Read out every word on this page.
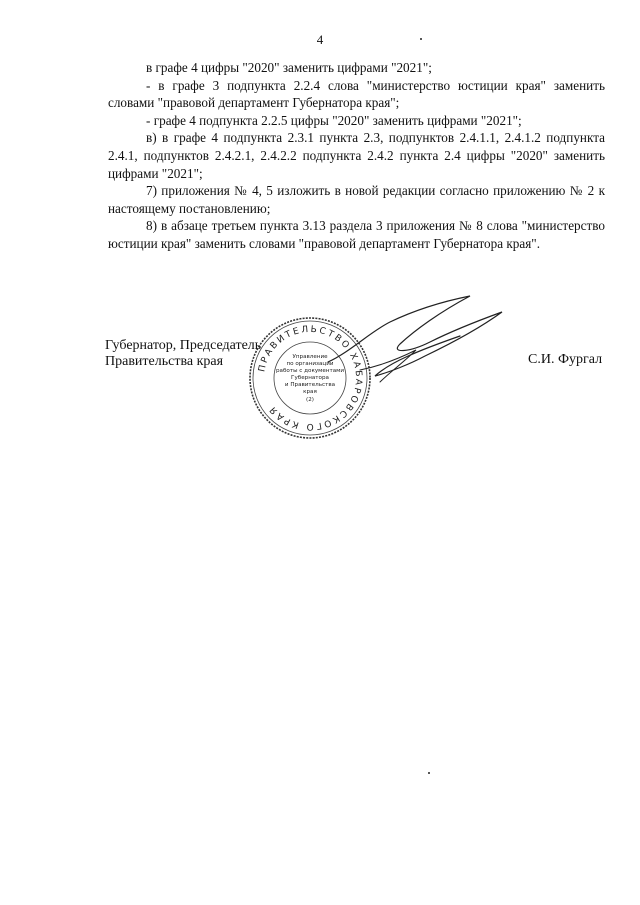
4

в графе 4 цифры "2020" заменить цифрами "2021";

- в графе 3 подпункта 2.2.4 слова "министерство юстиции края" заменить словами "правовой департамент Губернатора края";

- графе 4 подпункта 2.2.5 цифры "2020" заменить цифрами "2021";

в) в графе 4 подпункта 2.3.1 пункта 2.3, подпунктов 2.4.1.1, 2.4.1.2 подпункта 2.4.1, подпунктов 2.4.2.1, 2.4.2.2 подпункта 2.4.2 пункта 2.4 цифры "2020" заменить цифрами "2021";

7) приложения № 4, 5 изложить в новой редакции согласно приложению № 2 к настоящему постановлению;

8) в абзаце третьем пункта 3.13 раздела 3 приложения № 8 слова "министерство юстиции края" заменить словами "правовой департамент Губернатора края".

Губернатор, Председатель
Правительства края	ПРАВИТЕЛЬСТВО ХАБАРОВСКОГО КРАЯ
Управление
по организации
работы с документами
Губернатора
и Правительства
края
(2)
С.И. Фургал
